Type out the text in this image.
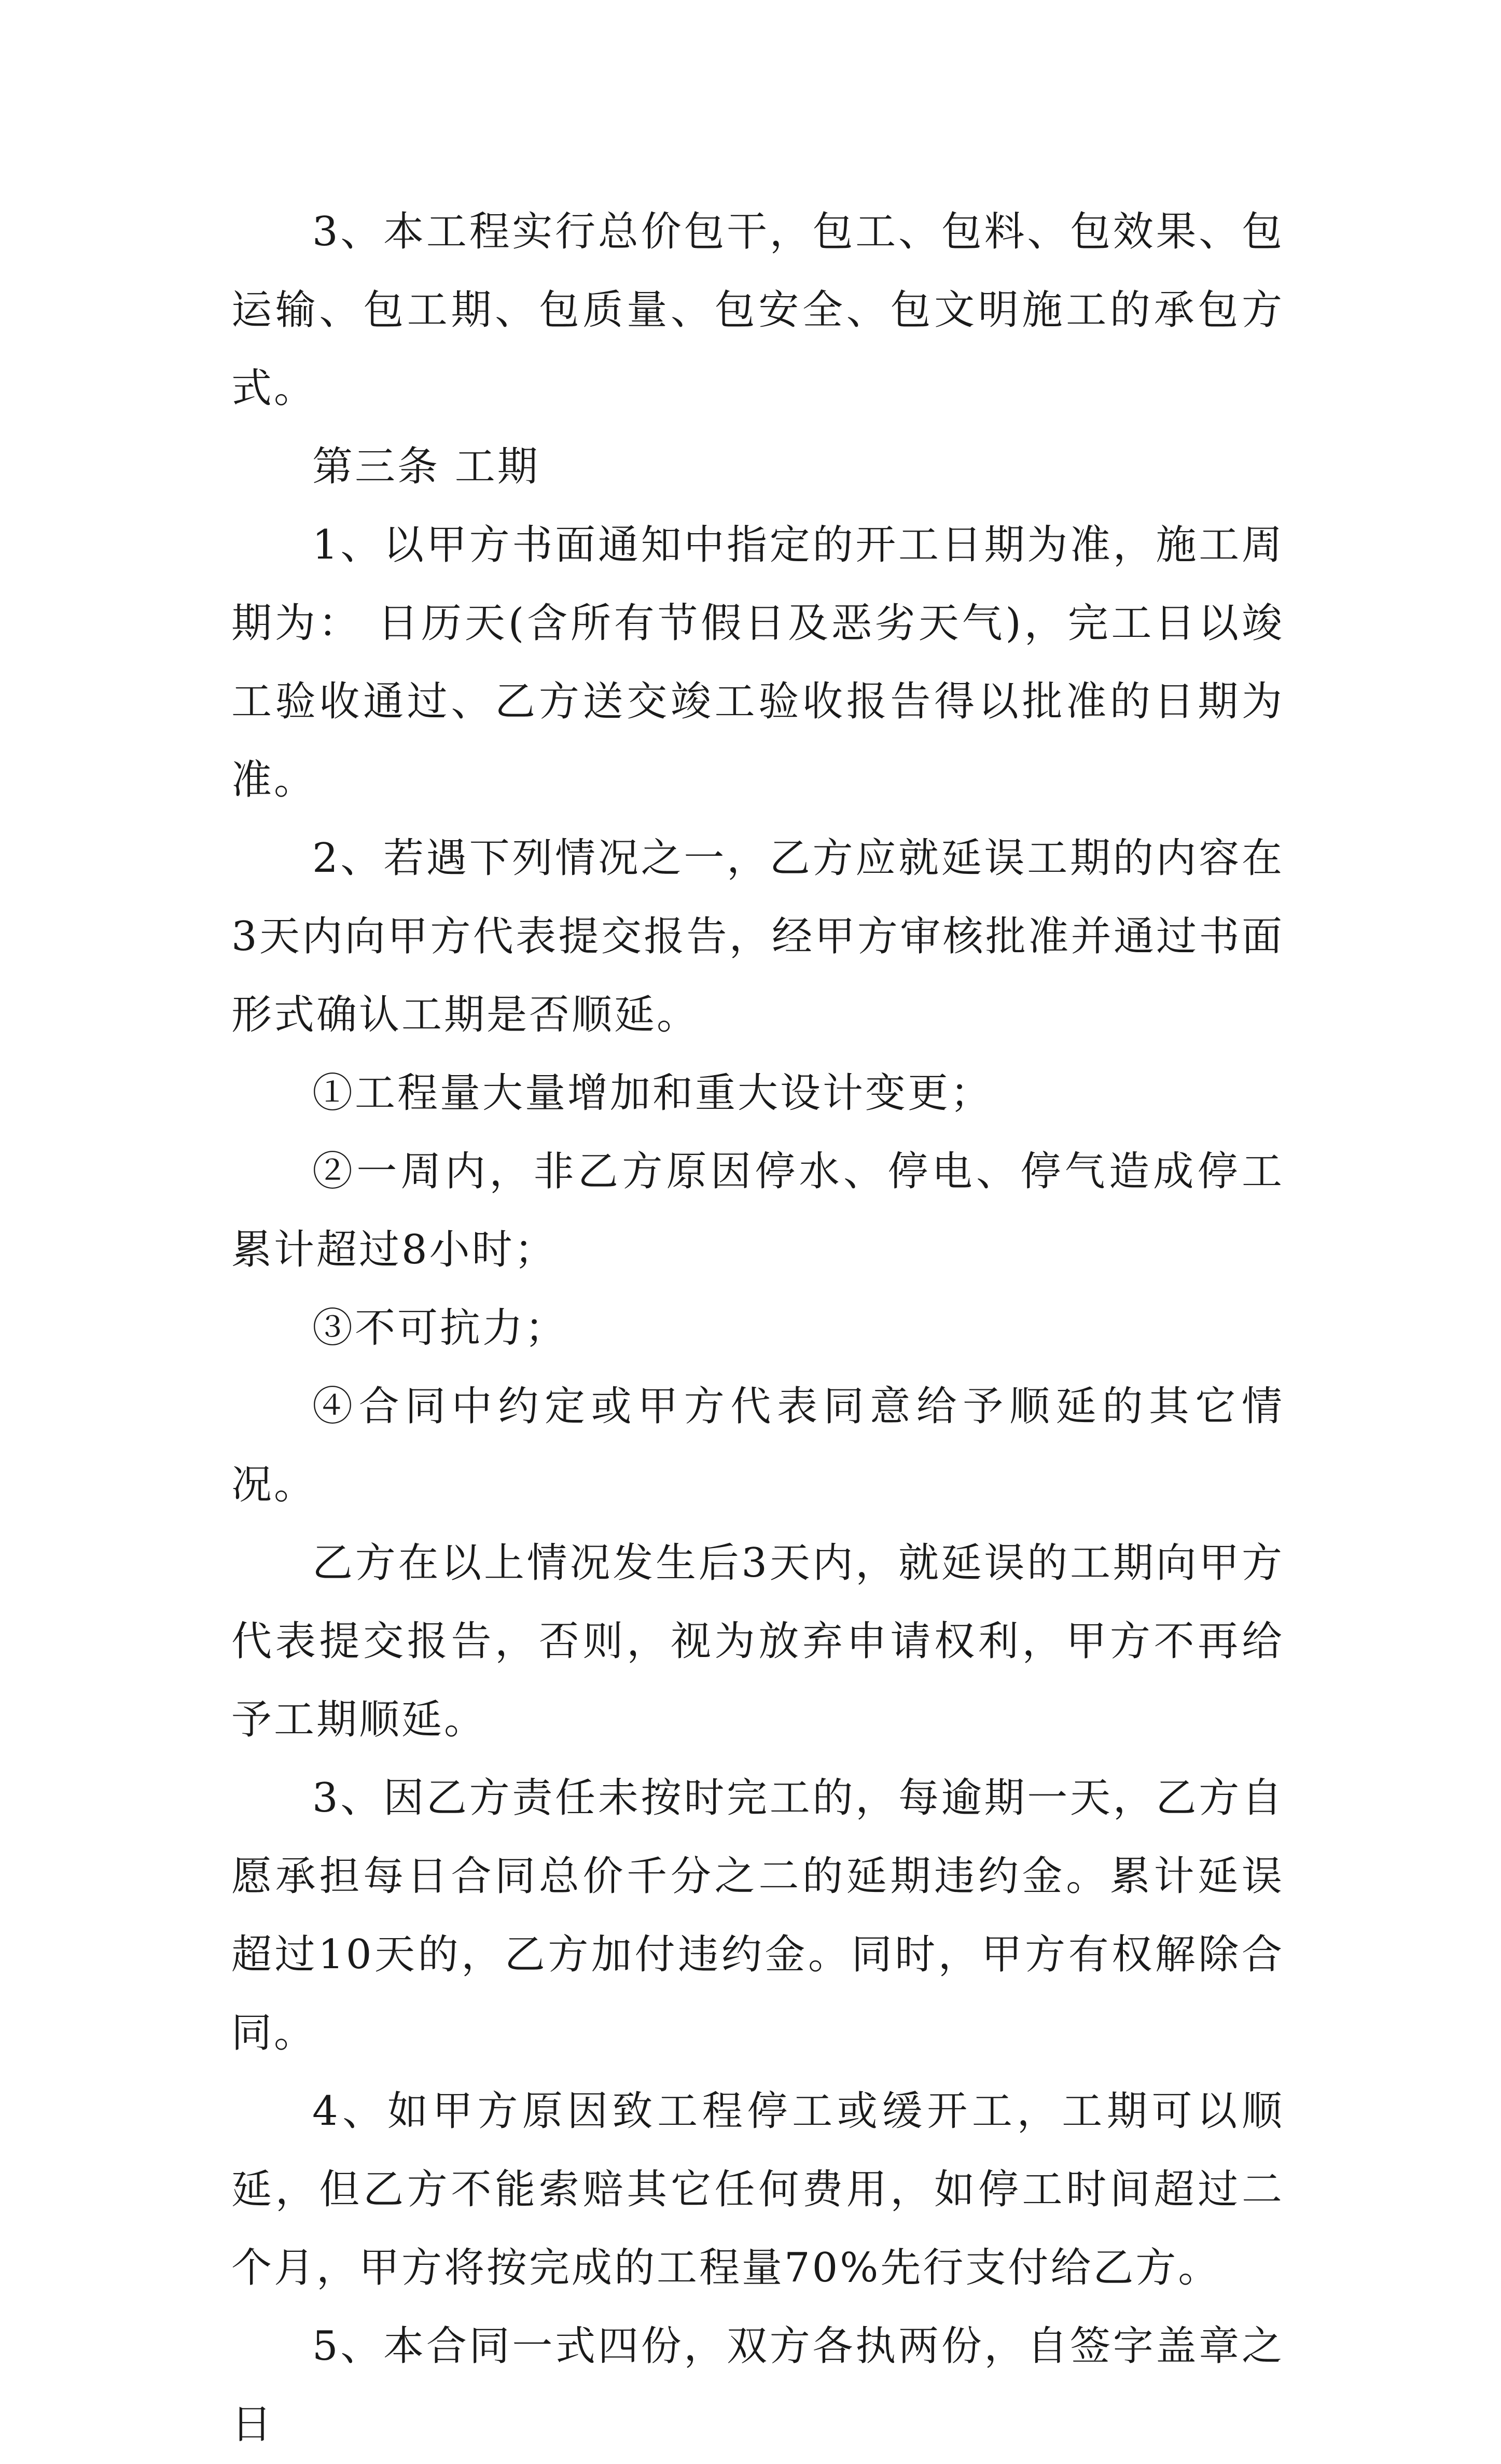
3、本工程实行总价包干，包工、包料、包效果、包运输、包工期、包质量、包安全、包文明施工的承包方式。

第三条 工期

1、以甲方书面通知中指定的开工日期为准，施工周期为： 日历天(含所有节假日及恶劣天气)，完工日以竣工验收通过、乙方送交竣工验收报告得以批准的日期为准。

2、若遇下列情况之一，乙方应就延误工期的内容在3天内向甲方代表提交报告，经甲方审核批准并通过书面形式确认工期是否顺延。

①工程量大量增加和重大设计变更；

②一周内，非乙方原因停水、停电、停气造成停工累计超过8小时；

③不可抗力；

④合同中约定或甲方代表同意给予顺延的其它情况。

乙方在以上情况发生后3天内，就延误的工期向甲方代表提交报告，否则，视为放弃申请权利，甲方不再给予工期顺延。

3、因乙方责任未按时完工的，每逾期一天，乙方自愿承担每日合同总价千分之二的延期违约金。累计延误超过10天的，乙方加付违约金。同时，甲方有权解除合同。

4、如甲方原因致工程停工或缓开工，工期可以顺延，但乙方不能索赔其它任何费用，如停工时间超过二个月，甲方将按完成的工程量70%先行支付给乙方。

5、本合同一式四份，双方各执两份，自签字盖章之日
